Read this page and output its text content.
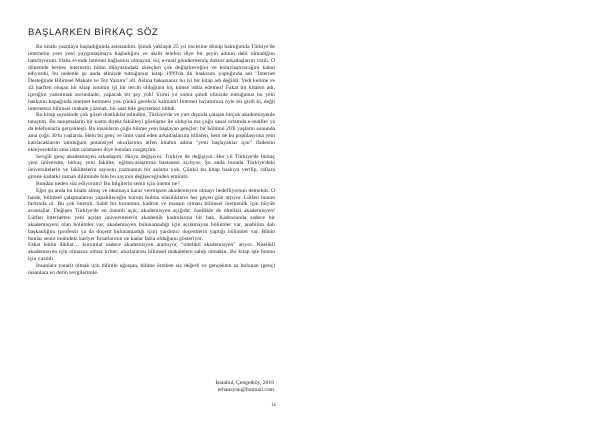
BAŞLARKEN BİRKAÇ SÖZ

Bu kitabı yazmaya başladığımda asistandım. Şimdi yaklaşık 25 yıl öncesine dönüp baktığımda Türkiye'de internetin yeni yeni yaygınlaşmaya başladığını ve akıllı telefon diye bir şeyin adının dahi olmadığını hatırlıyorum. Daha evinde internet bağlantısı olmayan, hiç e-mail göndermemiş doktor arkadaşlarım vardı. O dönemde herkes internetin bilim dünyasındaki süreçleri çok değiştireceğini ve kolaylaştıracağını kabul ediyordu, bu nedenle şu anda elinizde tuttuğunuz kitap 1999'da ilk baskısını yaptığında adı "İnternet Desteğinde Bilimsel Makale ve Tez Yazımı" idi. Aslına bakarsanız bu iyi bir kitap adı değildi: Yedi kelime ve 43 harften oluşan bir kitap isminin iyi bir tercih olduğunu hiç kimse iddia edemez! Fakat bir kitabın adı, içeriğini yansıtmak zorundadır; yapacak bir şey yok! Yirmi yıl sonra şimdi elinizde tuttuğunuz bu yeni baskının kapağında internet kelimesi yok çünkü gereksiz kalmadı! İnternet hayatımıza öyle bir girdi ki, değil internetsiz bilimsel makale yazmak, bir saat bile geçiremez olduk.

Bu kitap sayesinde çok güzel dostluklar edindim, Türkiye'de ve yurt dışında çalışan birçok akademisyenle tanıştım. Bu tanışmaların bir kısmı direkt fakülteyi göstüşme ile olduysa ma çoğu sanal ortamda e-mailler ya da telefonlarla gerçekleşti. Bu insanların çoğu bilime yeni başlayan gençler; bir bölümü 20'li yaşların sonunda ama çoğu 30'lu yaşlarda. Hem bu genç ve ümit vaad eden arkadaşlarımı itibafen, hem de bu popülasyona yeni katılacaklarım umduğum potansiyel okurlarıma atfen kitabın adına "yeni başlayanlar için" ifadesini ekleyecektim ama isim uzamasın diye bundan vazgeçtim.

Sevgili genç akademisyen arkadaşım, dünya değişiyor. Türkiye de değişiyor. Her yıl Türkiye'de birkaç yeni üniversite, birkaç yeni fakülte, eğitim-araştırma hastanesi açılıyor. Şu anda burada Türkiye'deki üniversitelerin ve fakültelerin sayısını yazmamın bir anlamı yok. Çünkü bu kitap baskıya verilip, raflara girene kadarki zaman diliminde bile bu sayının değişeceğinden eminim.

Bundan neden söz ediyorum? Bu bilgilerin senin için önemi ne?

Eğer şu anda bu kitabı almış ve okumaya karar vermişsen akademisyen olmayı hedefliyorsun demektir. O halde, bilimsel çalışmalarını yapabileceğin kurum bulma olasılıkların her geçen gün artıyor. Lütfen bunun farkında ol. Bu çok önemli. Sabit bir kurumun, kadron ve maaşın olması bilimsel üretkenlik için büyük avantajlar. Değişen Türkiye'de en önemli açık, akademisyen açığıdır, özellikle de nitelikli akademisyen! Lütfen internetten yeni açılan üniversitelerin akademik kadrolarına bir bak. Kadrosunda sadece bir akademisyeni olan bölümler var, akademisyen bulunamadığı için açılamayan bölümler var, anabilim dalı başkanlığını (profesör ya da doçent bulunamadığı için) yardımcı doçentlerin yaptığı bölümler var. Bütün bunlar senin önündeki kariyer fırsatlarının ne kadar fazla olduğunu gösteriyor.

Fakat bütün dikkat… kurumlar sadece akademisyen aramıyor, "nitelikli akademisyen" arıyor. Nitelikli akademisyen için olmazsa olmaz kriter; uluslararası bilimsel makalelere sahip olmaktır. Bu kitap işte bunun için yazıldı.

İnsanlara yararlı olmak için bilimle uğraşan, bilime üretken siz değerli ve gençekten az bulunan (genç) insanlara en derin sevgilerimle.

İstanbul, Çengelköy, 2016
erhanayan@hotmail.com
ix
